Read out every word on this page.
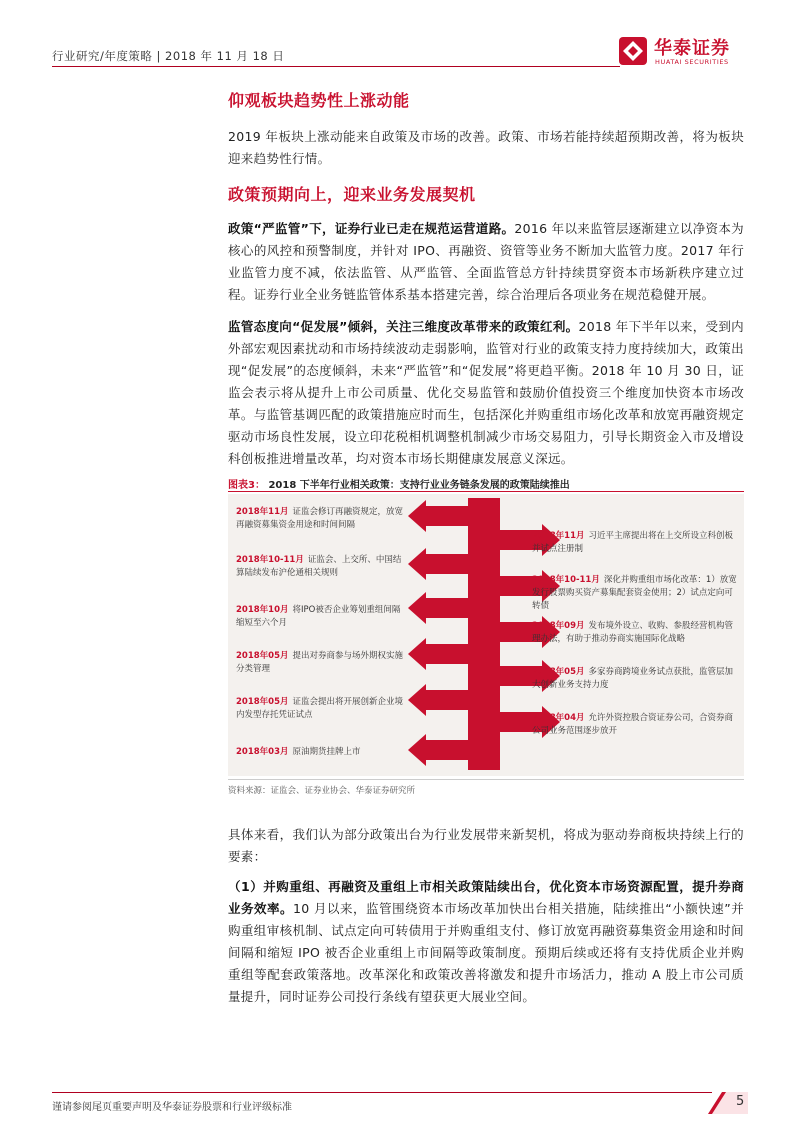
行业研究/年度策略 | 2018 年 11 月 18 日	华泰证券
HUATAI SECURITIES
仰观板块趋势性上涨动能
2019 年板块上涨动能来自政策及市场的改善。政策、市场若能持续超预期改善，将为板块迎来趋势性行情。
政策预期向上，迎来业务发展契机
政策“严监管”下，证券行业已走在规范运营道路。2016 年以来监管层逐渐建立以净资本为核心的风控和预警制度，并针对 IPO、再融资、资管等业务不断加大监管力度。2017 年行业监管力度不减，依法监管、从严监管、全面监管总方针持续贯穿资本市场新秩序建立过程。证券行业全业务链监管体系基本搭建完善，综合治理后各项业务在规范稳健开展。
监管态度向“促发展”倾斜，关注三维度改革带来的政策红利。2018 年下半年以来，受到内外部宏观因素扰动和市场持续波动走弱影响，监管对行业的政策支持力度持续加大，政策出现“促发展”的态度倾斜，未来“严监管”和“促发展”将更趋平衡。2018 年 10 月 30 日，证监会表示将从提升上市公司质量、优化交易监管和鼓励价值投资三个维度加快资本市场改革。与监管基调匹配的政策措施应时而生，包括深化并购重组市场化改革和放宽再融资规定驱动市场良性发展，设立印花税相机调整机制减少市场交易阻力，引导长期资金入市及增设科创板推进增量改革，均对资本市场长期健康发展意义深远。
图表3： 2018 下半年行业相关政策：支持行业业务链条发展的政策陆续推出
2018年11月 证监会修订再融资规定，放宽再融资募集资金用途和时间间隔
2018年10-11月 证监会、上交所、中国结算陆续发布沪伦通相关规则
2018年10月 将IPO被否企业筹划重组间隔缩短至六个月
2018年05月 提出对券商参与场外期权实施分类管理
2018年05月 证监会提出将开展创新企业境内发型存托凭证试点
2018年03月 原油期货挂牌上市
2018年11月 习近平主席提出将在上交所设立科创板并试点注册制
2018年10-11月 深化并购重组市场化改革：1）放宽发行股票购买资产募集配套资金使用；2）试点定向可转债
2018年09月 发布境外设立、收购、参股经营机构管理办法，有助于推动券商实施国际化战略
2018年05月 多家券商跨境业务试点获批，监管层加大创新业务支持力度
2018年04月 允许外资控股合资证券公司，合资券商公司业务范围逐步放开
资料来源：证监会、证券业协会、华泰证券研究所
具体来看，我们认为部分政策出台为行业发展带来新契机，将成为驱动券商板块持续上行的要素：
（1）并购重组、再融资及重组上市相关政策陆续出台，优化资本市场资源配置，提升券商业务效率。10 月以来，监管围绕资本市场改革加快出台相关措施，陆续推出“小额快速”并购重组审核机制、试点定向可转债用于并购重组支付、修订放宽再融资募集资金用途和时间间隔和缩短 IPO 被否企业重组上市间隔等政策制度。预期后续或还将有支持优质企业并购重组等配套政策落地。改革深化和政策改善将激发和提升市场活力，推动 A 股上市公司质量提升，同时证券公司投行条线有望获更大展业空间。
谨请参阅尾页重要声明及华泰证券股票和行业评级标准	5
